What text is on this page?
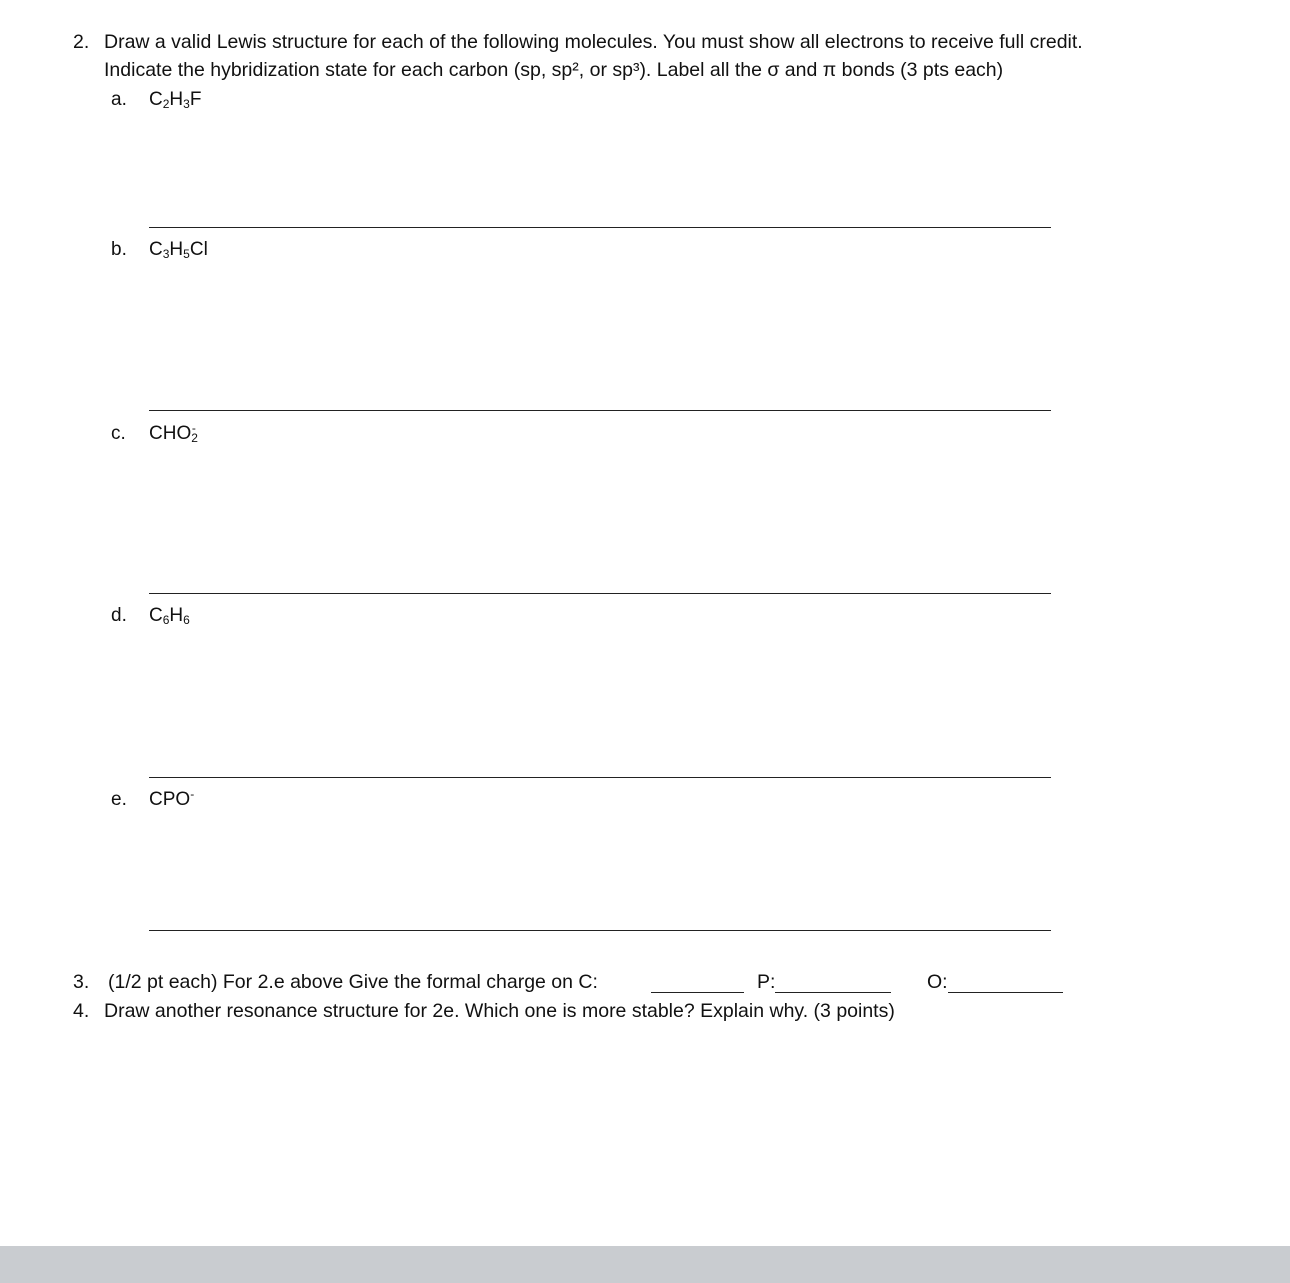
2. Draw a valid Lewis structure for each of the following molecules. You must show all electrons to receive full credit.
Indicate the hybridization state for each carbon (sp, sp², or sp³). Label all the σ and π bonds (3 pts each)
a. $C_2H_3F$
b. $C_3H_5Cl$
c. $CHO_2^-$
d. $C_6H_6$
e. CPO-
3. (1/2 pt each) For 2.e above Give the formal charge on C:	P:	O:
4. Draw another resonance structure for 2e. Which one is more stable? Explain why. (3 points)
